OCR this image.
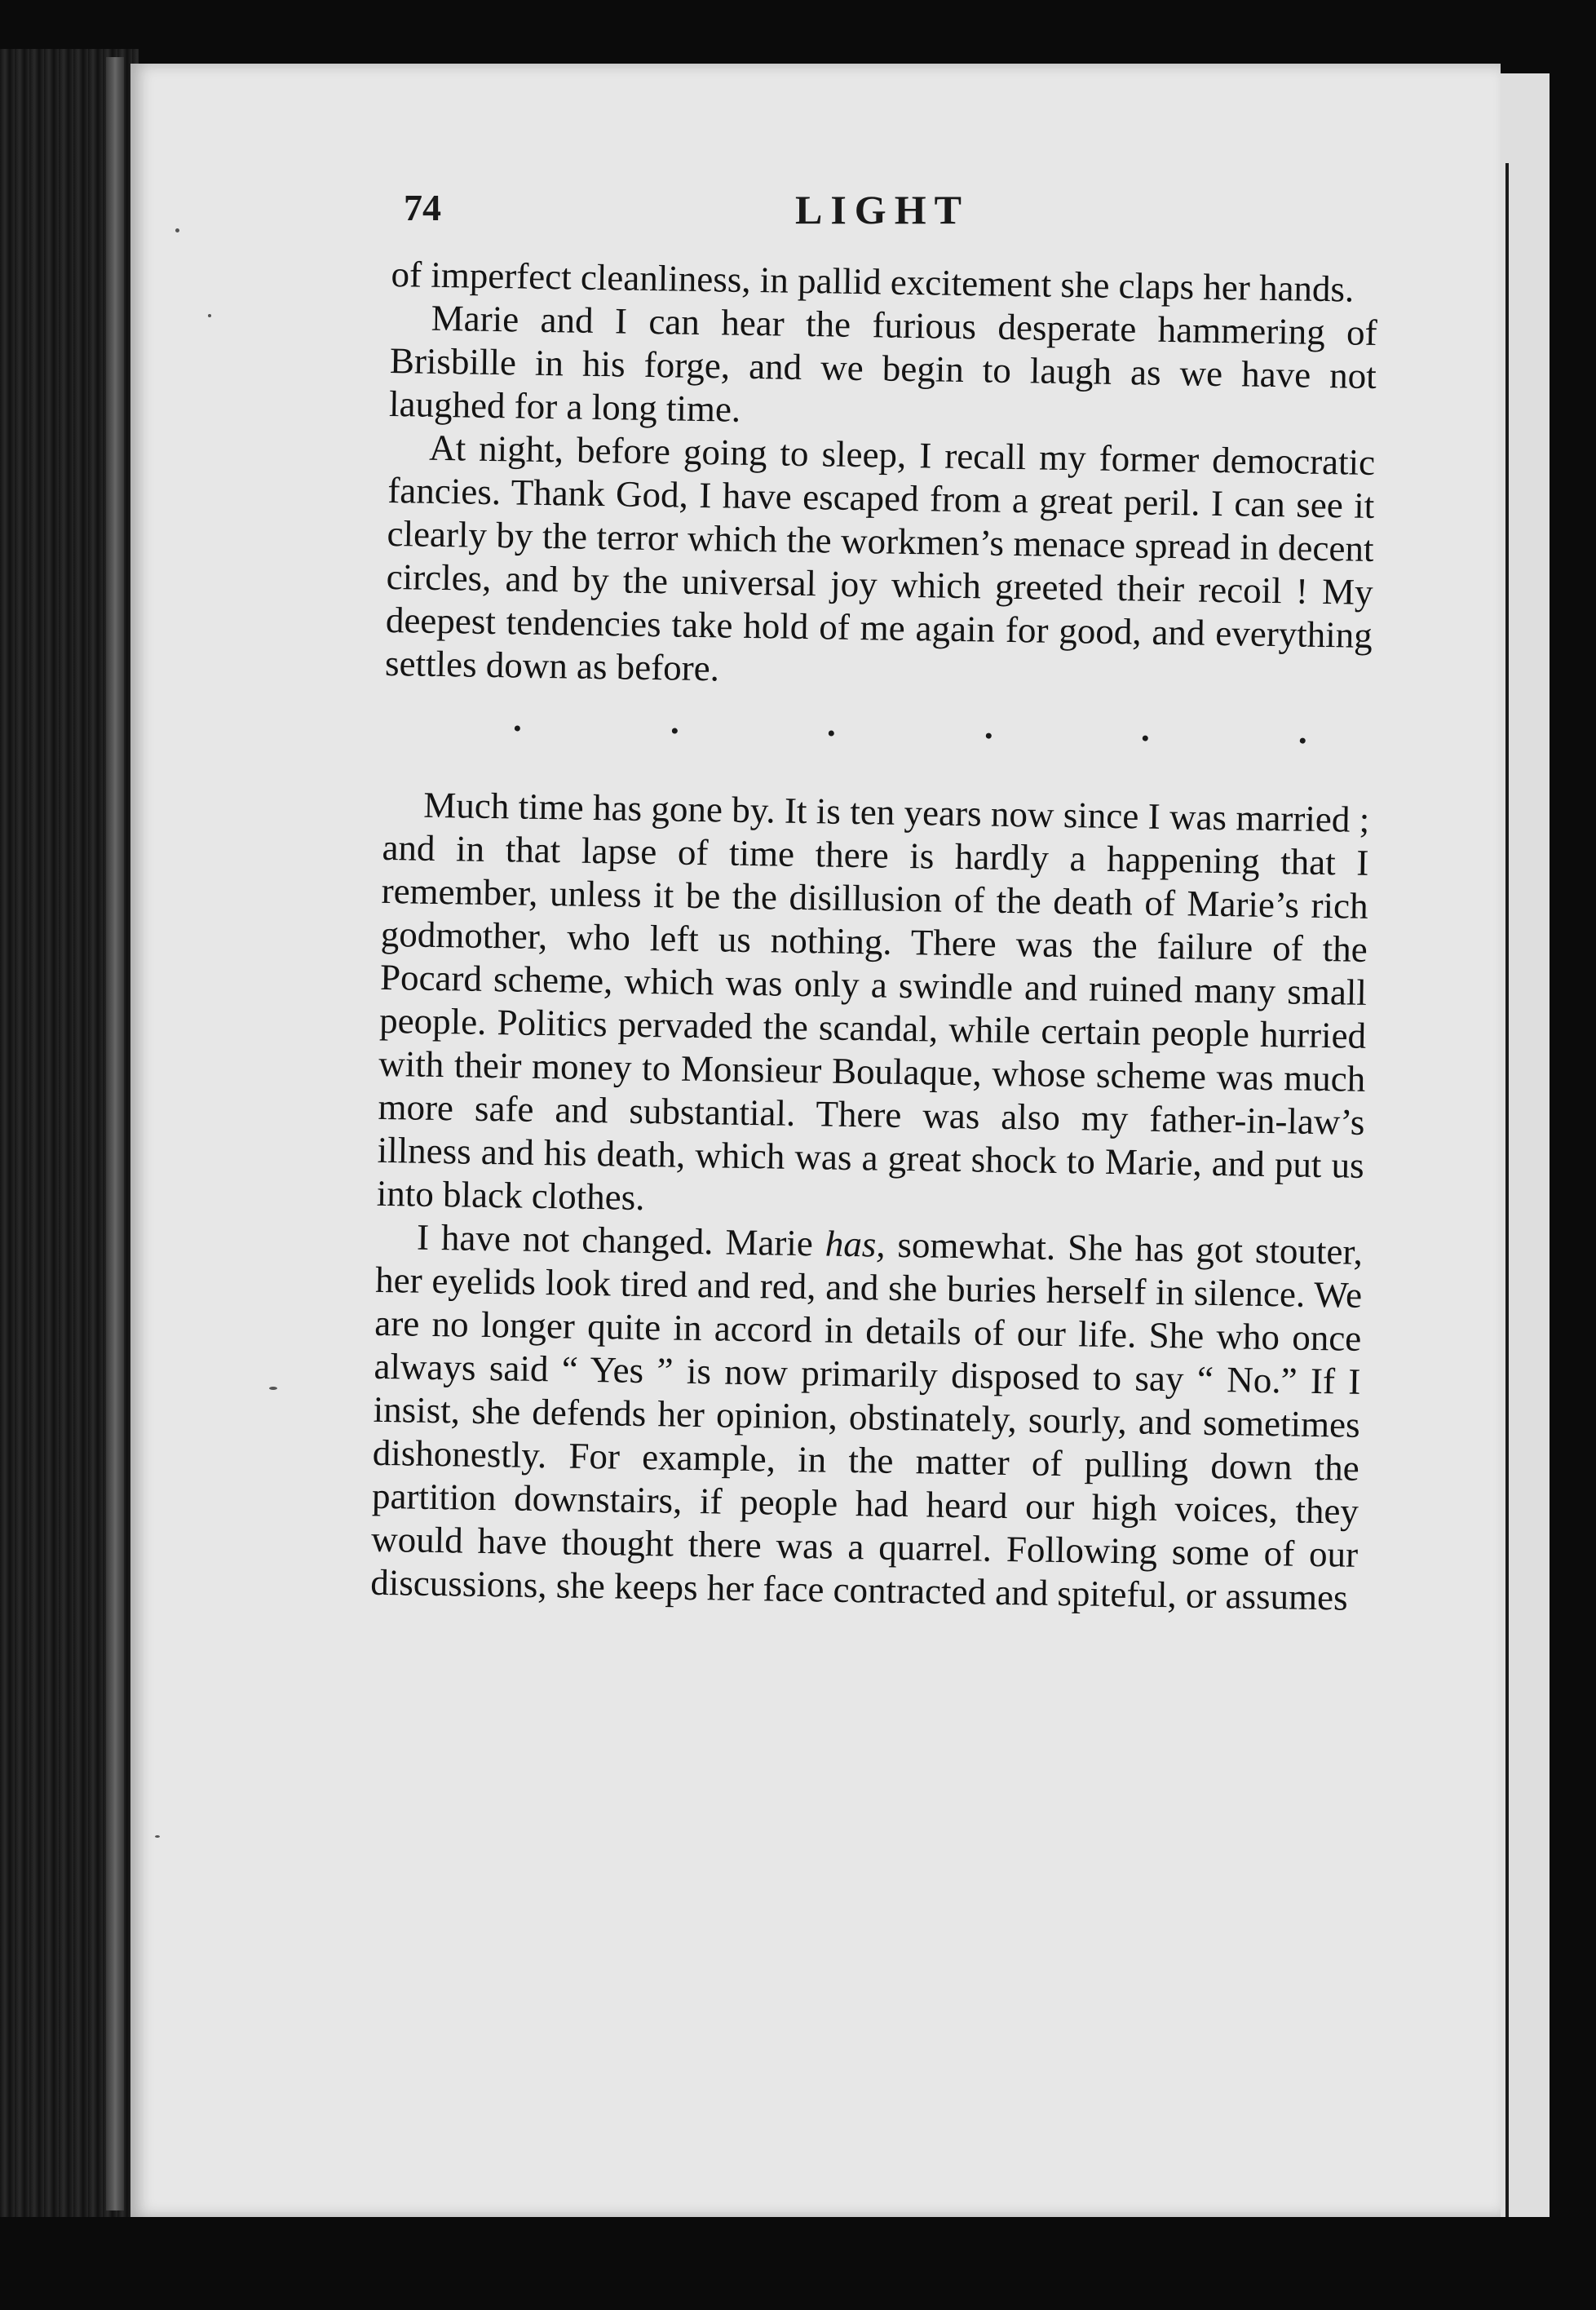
74	LIGHT

of imperfect cleanliness, in pallid excitement she claps her hands.

Marie and I can hear the furious desperate hammering of Brisbille in his forge, and we begin to laugh as we have not laughed for a long time.

At night, before going to sleep, I recall my former democratic fancies. Thank God, I have escaped from a great peril. I can see it clearly by the terror which the workmen’s menace spread in decent circles, and by the universal joy which greeted their recoil ! My deepest tendencies take hold of me again for good, and everything settles down as before.

Much time has gone by. It is ten years now since I was married ; and in that lapse of time there is hardly a happening that I remember, unless it be the disillusion of the death of Marie’s rich godmother, who left us nothing. There was the failure of the Pocard scheme, which was only a swindle and ruined many small people. Politics pervaded the scandal, while certain people hurried with their money to Monsieur Boulaque, whose scheme was much more safe and substantial. There was also my father-in-law’s illness and his death, which was a great shock to Marie, and put us into black clothes.

I have not changed. Marie has, somewhat. She has got stouter, her eyelids look tired and red, and she buries herself in silence. We are no longer quite in accord in details of our life. She who once always said “ Yes ” is now primarily disposed to say “ No.” If I insist, she defends her opinion, obstinately, sourly, and sometimes dishonestly. For example, in the matter of pulling down the partition downstairs, if people had heard our high voices, they would have thought there was a quarrel. Following some of our discussions, she keeps her face contracted and spiteful, or assumes
